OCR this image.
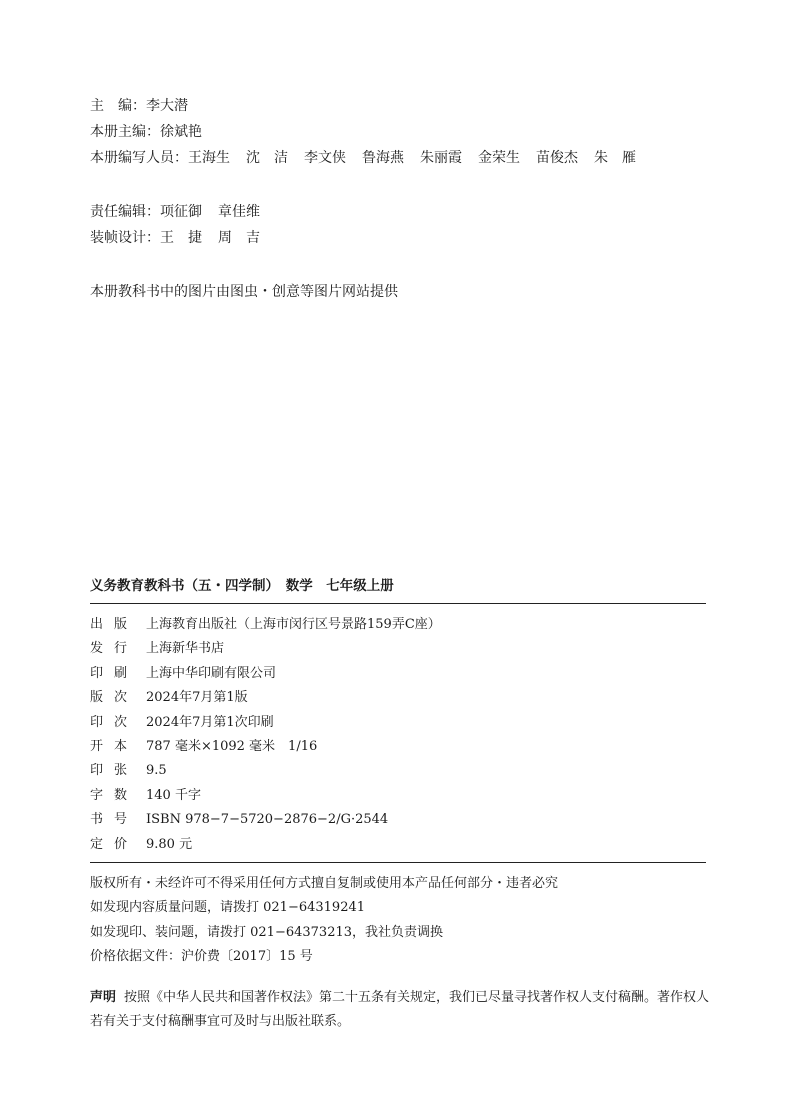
主 编：李大潜
本册主编：徐斌艳
本册编写人员：王海生 沈　洁 李文侠 鲁海燕 朱丽霞 金荣生 苗俊杰 朱　雁
责任编辑：项征御 章佳维
装帧设计：王　捷 周　吉
本册教科书中的图片由图虫・创意等图片网站提供
义务教育教科书（五・四学制）　数学　七年级上册
出 版 上海教育出版社（上海市闵行区号景路159弄C座）
发 行 上海新华书店
印 刷 上海中华印刷有限公司
版 次 2024年7月第1版
印 次 2024年7月第1次印刷
开 本 787 毫米×1092 毫米　1/16
印 张 9.5
字 数 140 千字
书 号 ISBN 978−7−5720−2876−2/G·2544
定 价 9.80 元
版权所有・未经许可不得采用任何方式擅自复制或使用本产品任何部分・违者必究
如发现内容质量问题，请拨打 021−64319241
如发现印、装问题，请拨打 021−64373213，我社负责调换
价格依据文件：沪价费〔2017〕15 号
声明 按照《中华人民共和国著作权法》第二十五条有关规定，我们已尽量寻找著作权人支付稿酬。著作权人若有关于支付稿酬事宜可及时与出版社联系。
